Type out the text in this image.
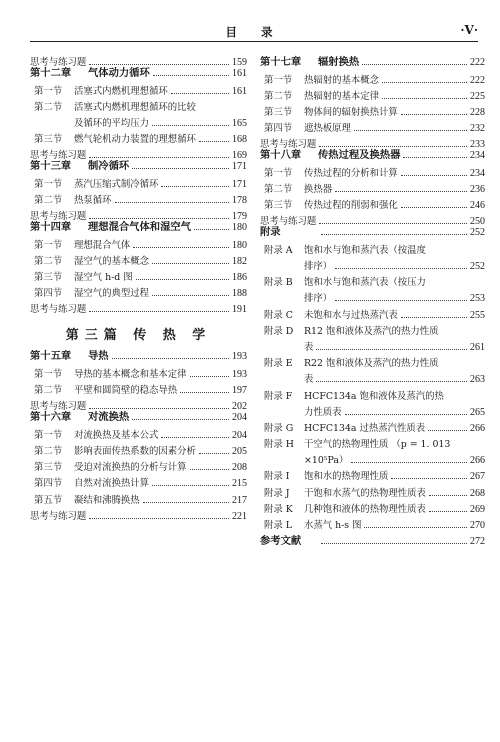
目 录	·V·
思考与练习题	159
第十二章	气体动力循环	161
第一节	活塞式内燃机理想循环	161
第二节	活塞式内燃机理想循环的比较
及循环的平均压力	165
第三节	燃气轮机动力装置的理想循环	168
思考与练习题	169
第十三章	制冷循环	171
第一节	蒸汽压缩式制冷循环	171
第二节	热泵循环	178
思考与练习题	179
第十四章	理想混合气体和湿空气	180
第一节	理想混合气体	180
第二节	湿空气的基本概念	182
第三节	湿空气 h-d 图	186
第四节	湿空气的典型过程	188
思考与练习题	191
第三篇 传 热 学
第十五章	导热	193
第一节	导热的基本概念和基本定律	193
第二节	平壁和圆筒壁的稳态导热	197
思考与练习题	202
第十六章	对流换热	204
第一节	对流换热及基本公式	204
第二节	影响表面传热系数的因素分析	205
第三节	受迫对流换热的分析与计算	208
第四节	自然对流换热计算	215
第五节	凝结和沸腾换热	217
思考与练习题	221
第十七章	辐射换热	222
第一节	热辐射的基本概念	222
第二节	热辐射的基本定律	225
第三节	物体间的辐射换热计算	228
第四节	遮热板原理	232
思考与练习题	233
第十八章	传热过程及换热器	234
第一节	传热过程的分析和计算	234
第二节	换热器	236
第三节	传热过程的削弱和强化	246
思考与练习题	250
附录	252
附录 A	饱和水与饱和蒸汽表（按温度
排序）	252
附录 B	饱和水与饱和蒸汽表（按压力
排序）	253
附录 C	未饱和水与过热蒸汽表	255
附录 D	R12 饱和液体及蒸汽的热力性质
表	261
附录 E	R22 饱和液体及蒸汽的热力性质
表	263
附录 F	HCFC134a 饱和液体及蒸汽的热
力性质表	265
附录 G	HCFC134a 过热蒸汽性质表	266
附录 H	干空气的热物理性质 （p = 1. 013
×10⁵Pa）	266
附录 I	饱和水的热物理性质	267
附录 J	干饱和水蒸气的热物理性质表	268
附录 K	几种饱和液体的热物理性质表	269
附录 L	水蒸气 h-s 图	270
参考文献	272
